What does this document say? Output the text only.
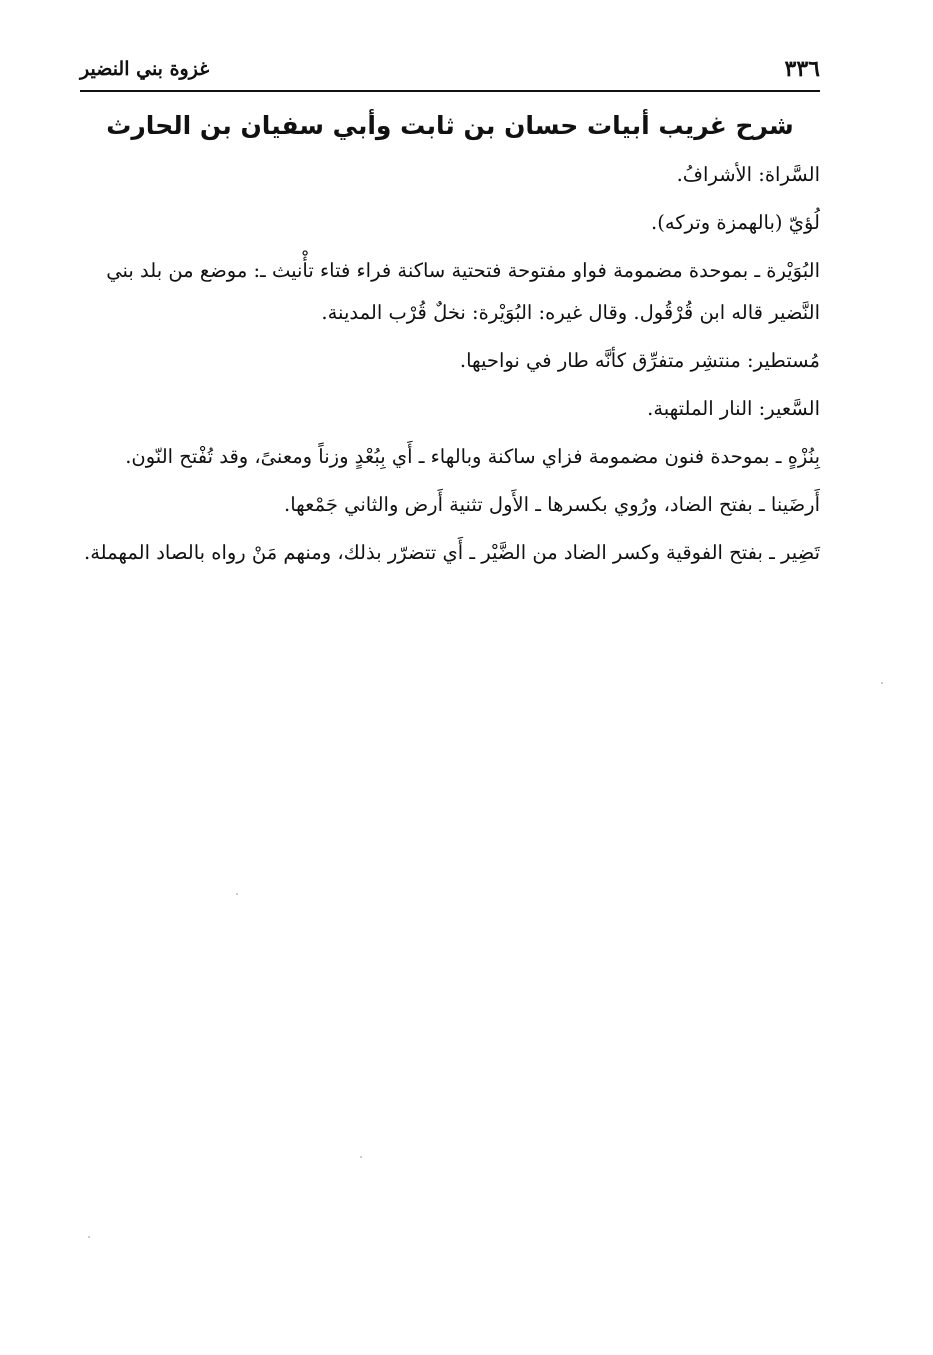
٣٣٦
غزوة بني النضير
شرح غريب أبيات حسان بن ثابت وأبي سفيان بن الحارث

السَّراة: الأشرافُ.

لُؤيّ (بالهمزة وتركه).

البُوَيْرة ـ بموحدة مضمومة فواو مفتوحة فتحتية ساكنة فراء فتاء تأْنيث ـ: موضع من بلد بني النَّضير قاله ابن قُرْقُول. وقال غيره: البُوَيْرة: نخلٌ قُرْب المدينة.

مُستطير: منتشِر متفرِّق كأنَّه طار في نواحيها.

السَّعير: النار الملتهبة.

بِنُزْهٍ ـ بموحدة فنون مضمومة فزاي ساكنة وبالهاء ـ أَي بِبُعْدٍ وزناً ومعنىً، وقد تُفْتح النّون.

أَرضَينا ـ بفتح الضاد، ورُوي بكسرها ـ الأَول تثنية أَرض والثاني جَمْعها.

تَضِير ـ بفتح الفوقية وكسر الضاد من الضَّيْر ـ أَي تتضرّر بذلك، ومنهم مَنْ رواه بالصاد المهملة.
